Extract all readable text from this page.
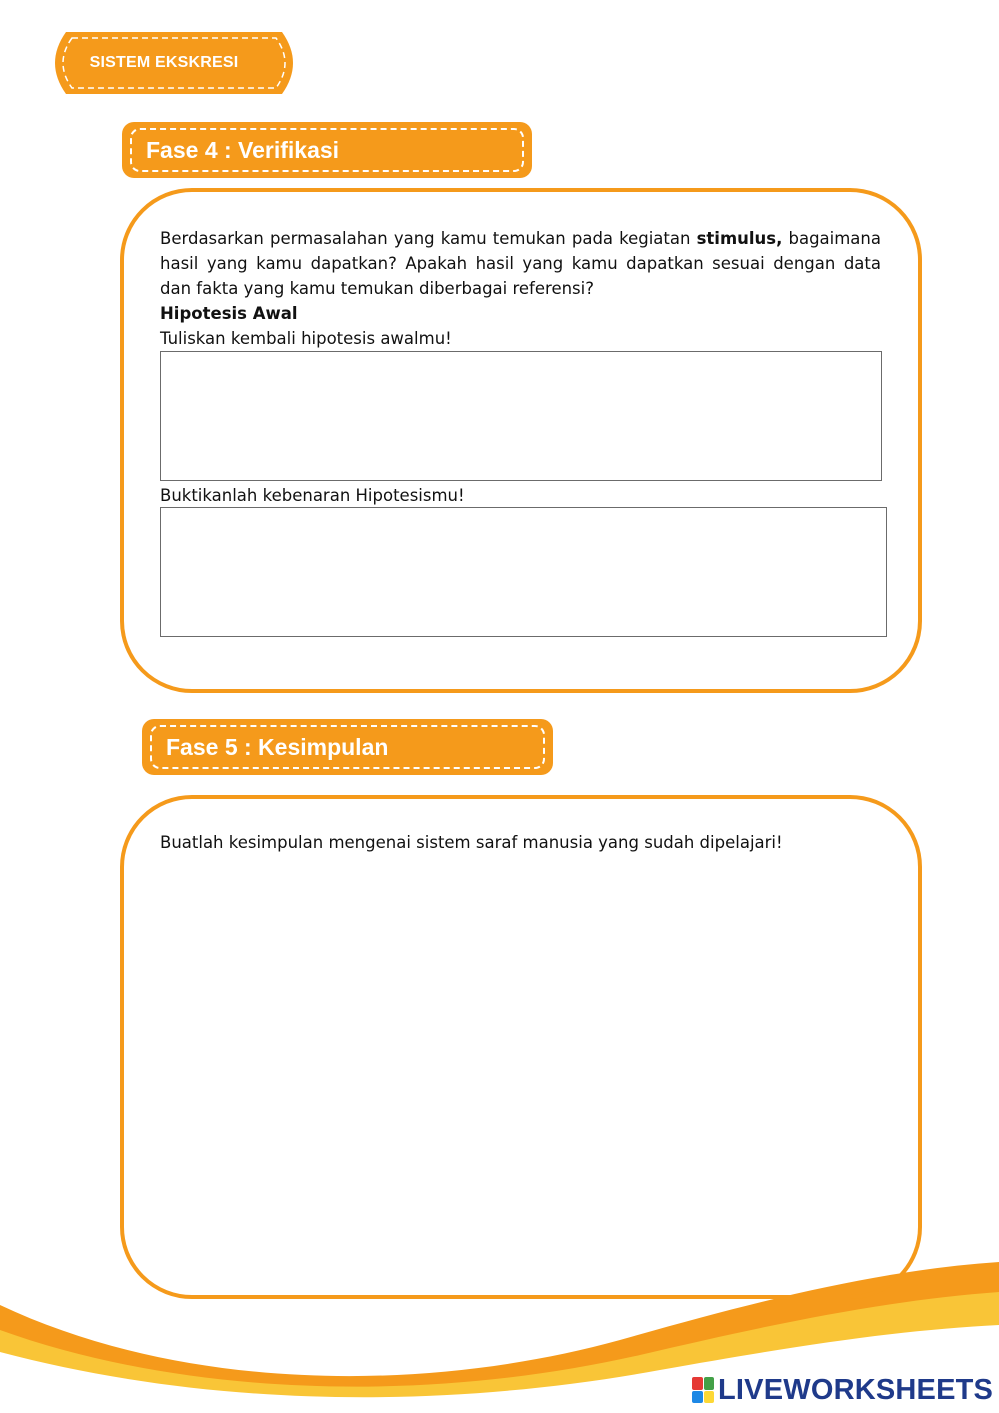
SISTEM EKSKRESI
Fase 4 : Verifikasi
Berdasarkan permasalahan yang kamu temukan pada kegiatan stimulus, bagaimana hasil yang kamu dapatkan? Apakah hasil yang kamu dapatkan sesuai dengan data dan fakta yang kamu temukan diberbagai referensi?
Hipotesis Awal
Tuliskan kembali hipotesis awalmu!
Buktikanlah kebenaran Hipotesismu!
Fase 5 : Kesimpulan
Buatlah kesimpulan mengenai sistem saraf manusia yang sudah dipelajari!
LIVEWORKSHEETS
